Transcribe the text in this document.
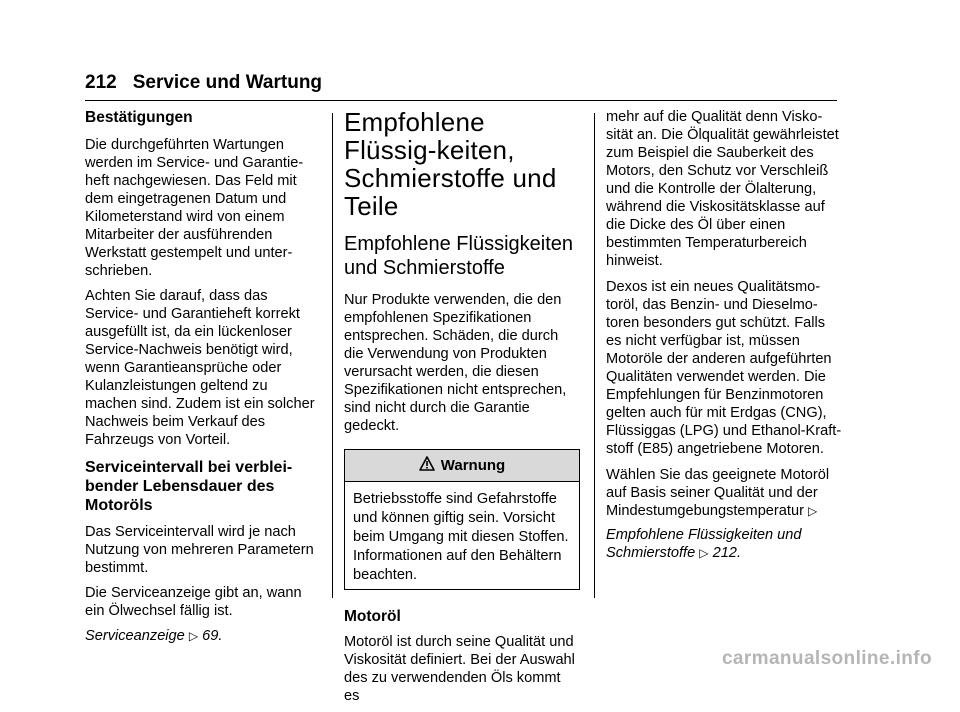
212 Service und Wartung
Bestätigungen

Die durchgeführten Wartungen werden im Service- und Garantie-heft nachgewiesen. Das Feld mit dem eingetragenen Datum und Kilometerstand wird von einem Mitarbeiter der ausführenden Werkstatt gestempelt und unter-schrieben.

Achten Sie darauf, dass das Service- und Garantieheft korrekt ausgefüllt ist, da ein lückenloser Service-Nachweis benötigt wird, wenn Garantieansprüche oder Kulanzleistungen geltend zu machen sind. Zudem ist ein solcher Nachweis beim Verkauf des Fahrzeugs von Vorteil.

Serviceintervall bei verblei-bender Lebensdauer des Motoröls

Das Serviceintervall wird je nach Nutzung von mehreren Parametern bestimmt.

Die Serviceanzeige gibt an, wann ein Ölwechsel fällig ist.

Serviceanzeige ▷ 69.

Empfohlene Flüssig-keiten, Schmierstoffe und Teile
Empfohlene Flüssigkeiten und Schmierstoffe

Nur Produkte verwenden, die den empfohlenen Spezifikationen entsprechen. Schäden, die durch die Verwendung von Produkten verursacht werden, die diesen Spezifikationen nicht entsprechen, sind nicht durch die Garantie gedeckt.

Warnung
Betriebsstoffe sind Gefahrstoffe und können giftig sein. Vorsicht beim Umgang mit diesen Stoffen. Informationen auf den Behältern beachten.
Motoröl

Motoröl ist durch seine Qualität und Viskosität definiert. Bei der Auswahl des zu verwendenden Öls kommt es

mehr auf die Qualität denn Visko-sität an. Die Ölqualität gewährleistet zum Beispiel die Sauberkeit des Motors, den Schutz vor Verschleiß und die Kontrolle der Ölalterung, während die Viskositätsklasse auf die Dicke des Öl über einen bestimmten Temperaturbereich hinweist.

Dexos ist ein neues Qualitätsmo-toröl, das Benzin- und Dieselmo-toren besonders gut schützt. Falls es nicht verfügbar ist, müssen Motoröle der anderen aufgeführten Qualitäten verwendet werden. Die Empfehlungen für Benzinmotoren gelten auch für mit Erdgas (CNG), Flüssiggas (LPG) und Ethanol-Kraft-stoff (E85) angetriebene Motoren.

Wählen Sie das geeignete Motoröl auf Basis seiner Qualität und der Mindestumgebungstemperatur ▷

Empfohlene Flüssigkeiten und Schmierstoffe ▷ 212.

carmanualsonline.info
